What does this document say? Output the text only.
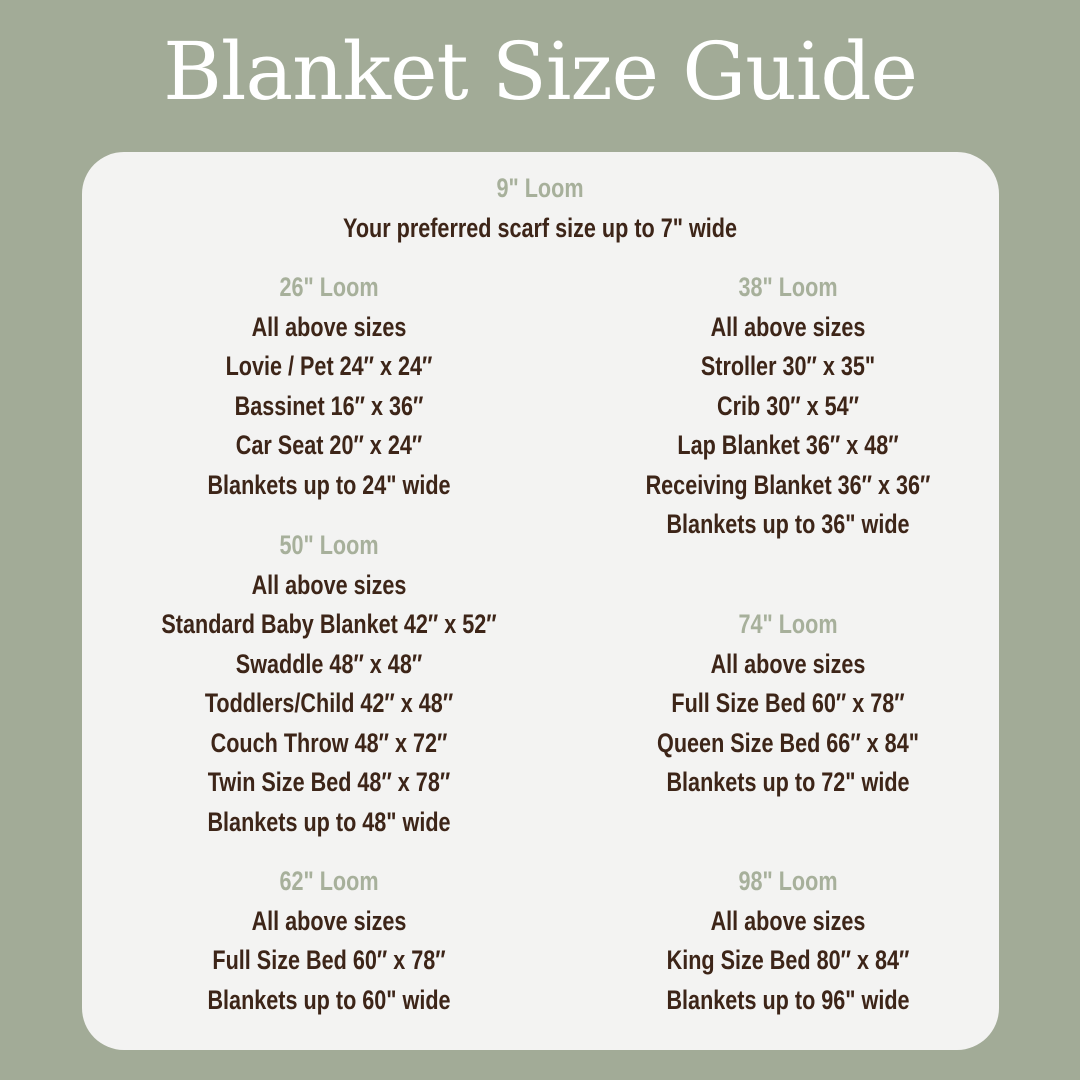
Blanket Size Guide
9" Loom
Your preferred scarf size up to 7" wide
26" Loom
All above sizes
Lovie / Pet 24″ x 24″
Bassinet 16″ x 36″
Car Seat 20″ x 24″
Blankets up to 24" wide
38" Loom
All above sizes
Stroller 30″ x 35"
Crib 30″ x 54″
Lap Blanket 36″ x 48″
Receiving Blanket 36″ x 36″
Blankets up to 36" wide
50" Loom
All above sizes
Standard Baby Blanket 42″ x 52″
Swaddle 48″ x 48″
Toddlers/Child 42″ x 48″
Couch Throw 48″ x 72″
Twin Size Bed 48″ x 78″
Blankets up to 48" wide
74" Loom
All above sizes
Full Size Bed 60″ x 78″
Queen Size Bed 66″ x 84"
Blankets up to 72" wide
62" Loom
All above sizes
Full Size Bed 60″ x 78″
Blankets up to 60" wide
98" Loom
All above sizes
King Size Bed 80″ x 84″
Blankets up to 96" wide
